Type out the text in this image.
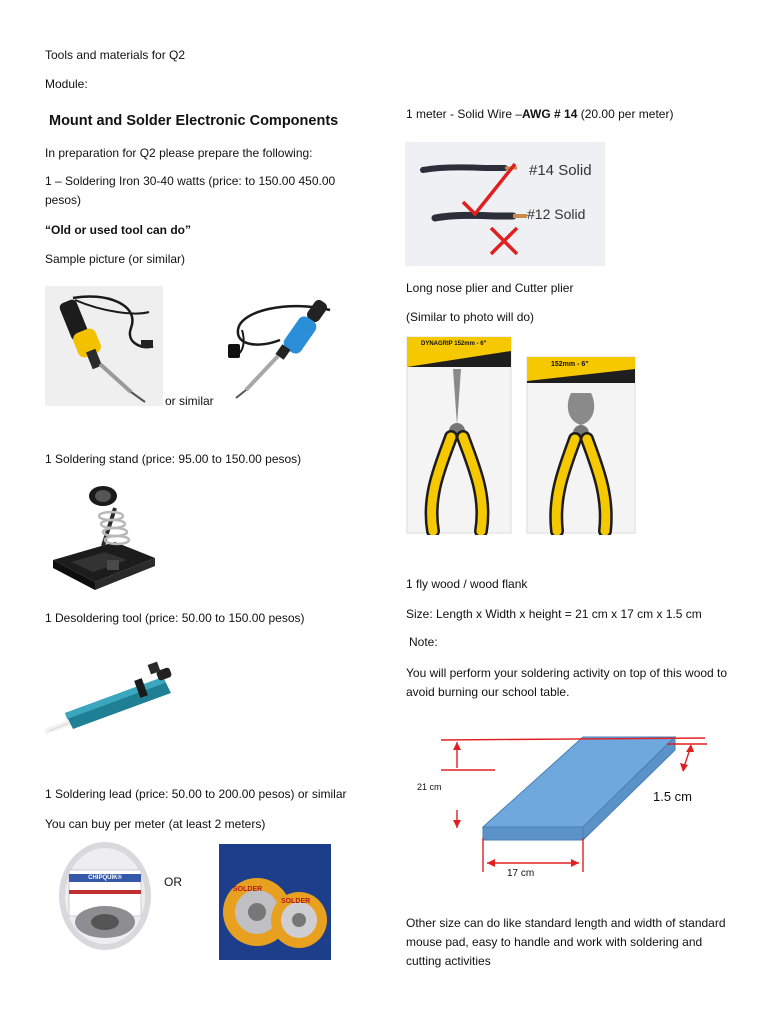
Tools and materials for Q2
Module:
Mount and Solder Electronic Components
In preparation for Q2 please prepare the following:
1 – Soldering Iron 30-40 watts (price: to 150.00 450.00
pesos)
“Old or used tool can do”
Sample picture (or similar)
or similar
1 Soldering stand (price: 95.00 to 150.00 pesos)
1 Desoldering tool (price: 50.00 to 150.00 pesos)
1 Soldering lead (price: 50.00 to 200.00 pesos) or similar
You can buy per meter (at least 2 meters)
CHIPQUIK®	OR
SOLDER
SOLDER
1 meter - Solid Wire –AWG # 14 (20.00 per meter)
#14 Solid
#12 Solid
Long nose plier and Cutter plier
(Similar to photo will do)
DYNAGRIP 152mm - 6"
152mm - 6"
1 fly wood / wood flank
Size: Length x Width x height = 21 cm x 17 cm x 1.5 cm
Note:
You will perform your soldering activity on top of this wood to avoid burning our school table.
21 cm
1.5 cm
17 cm
Other size can do like standard length and width of standard mouse pad, easy to handle and work with soldering and cutting activities
